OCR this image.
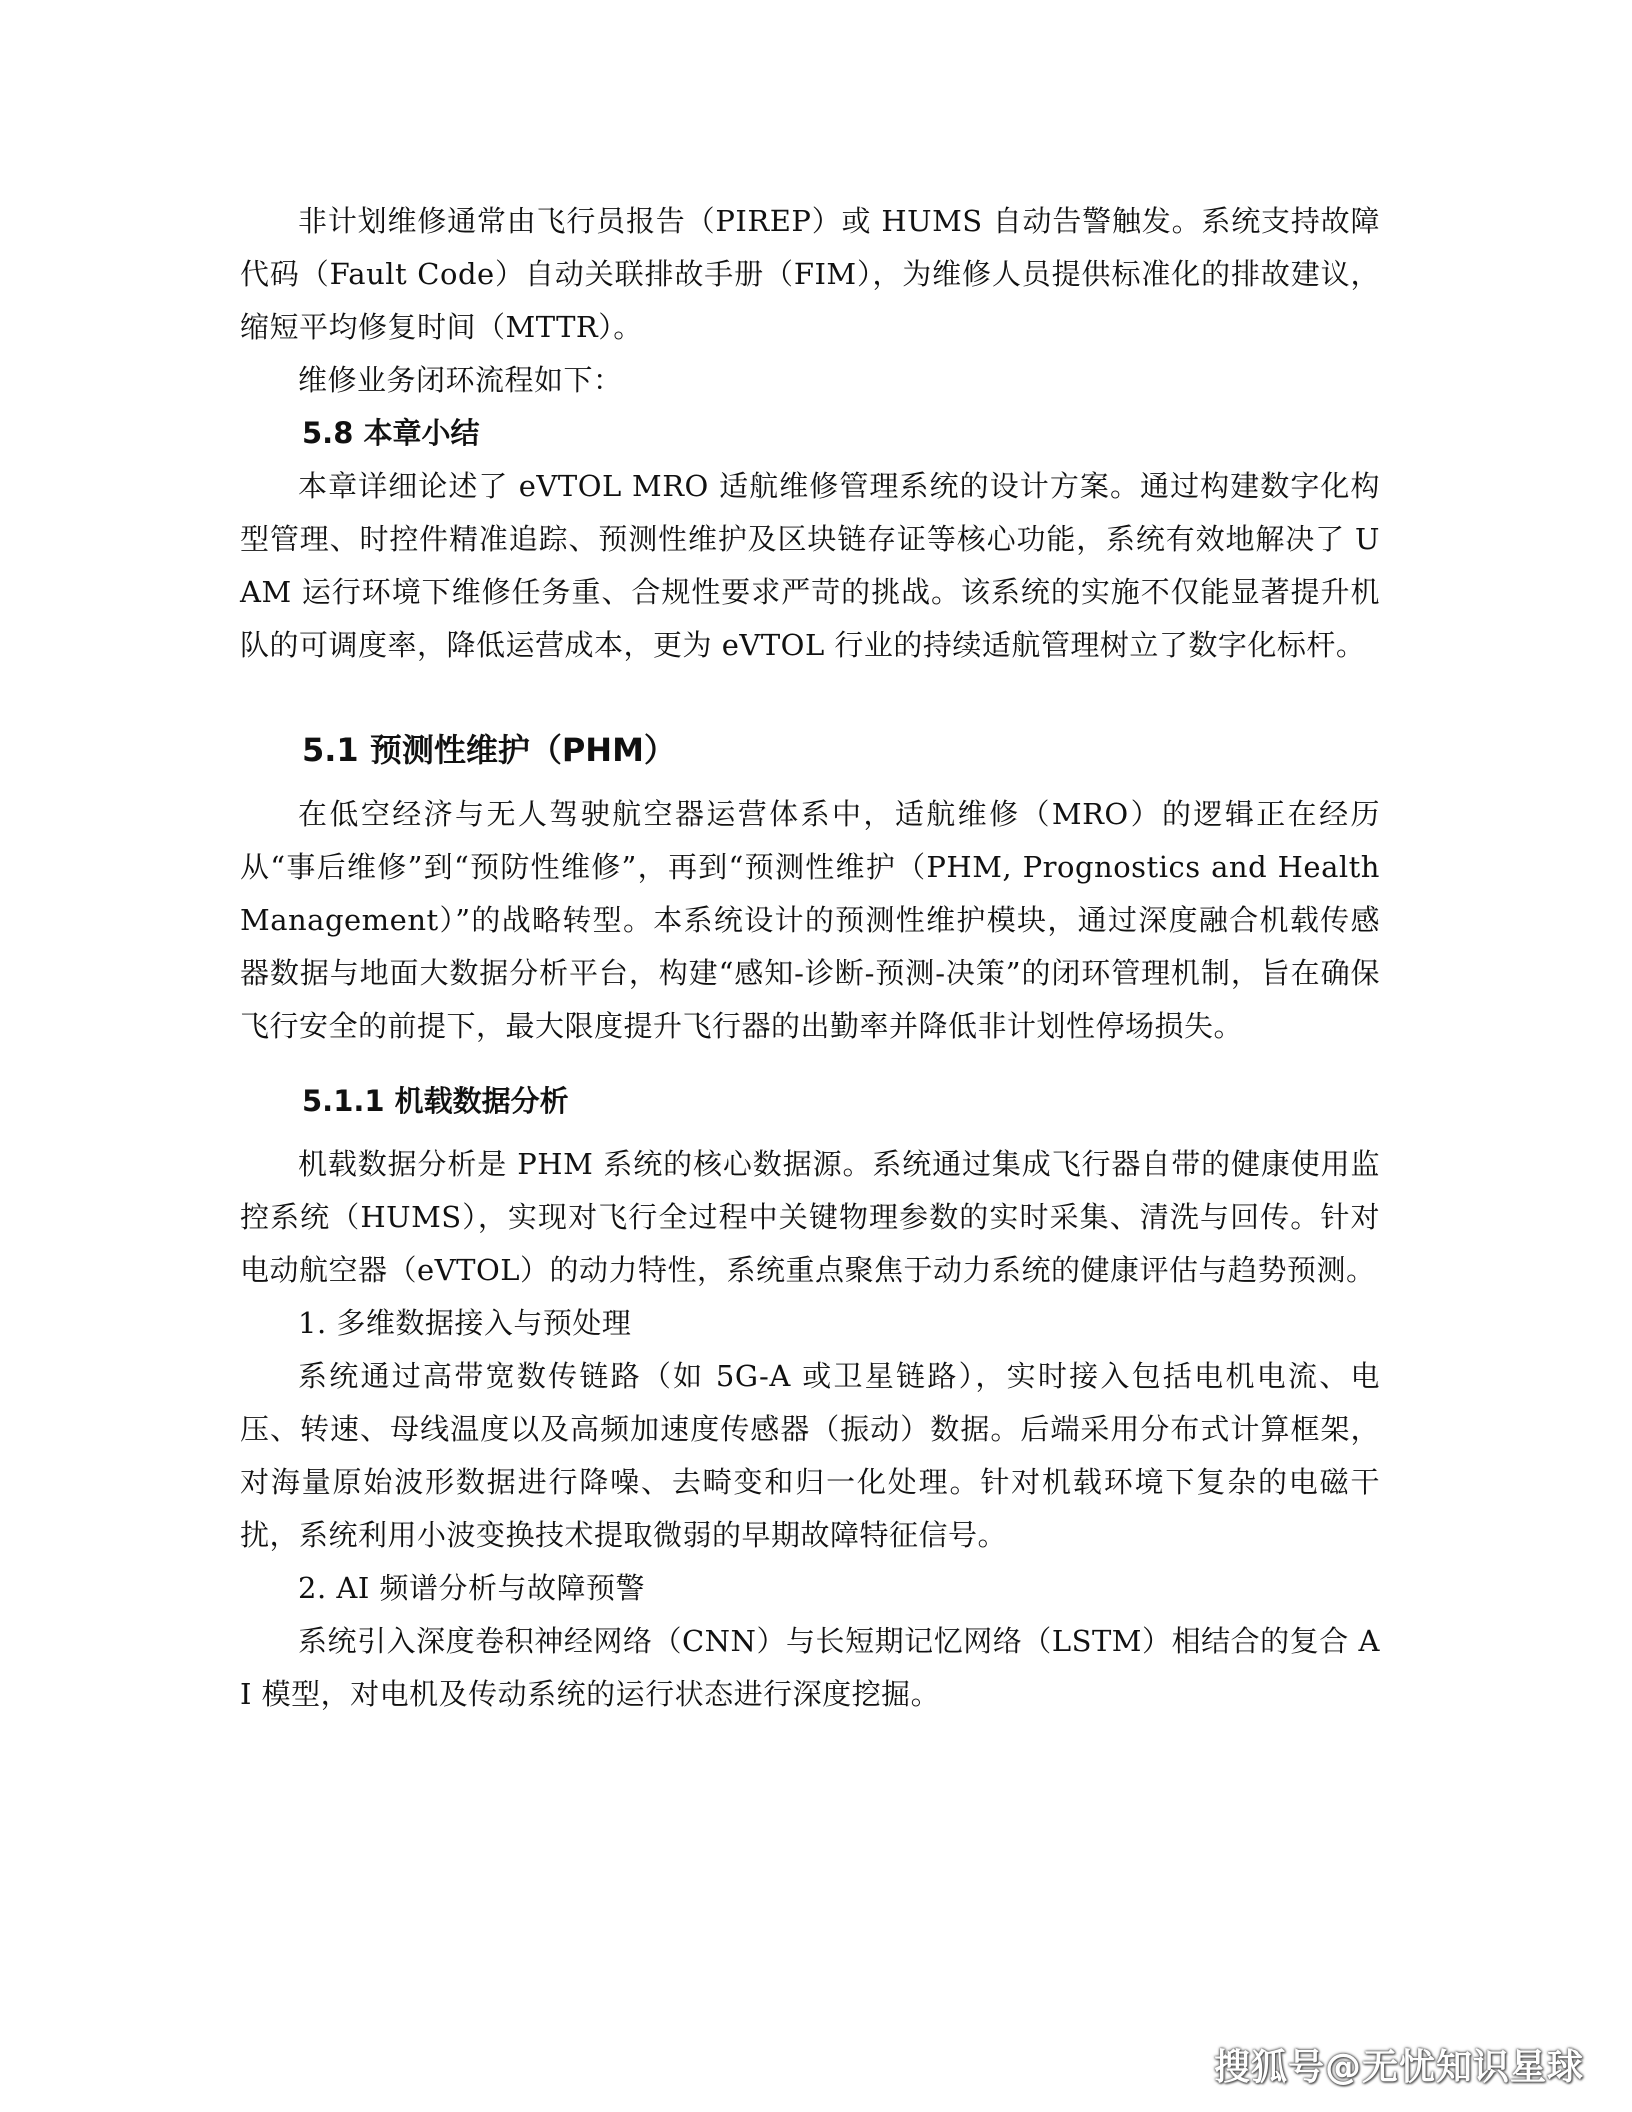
非计划维修通常由飞行员报告（PIREP）或 HUMS 自动告警触发。系统支持故障代码（Fault Code）自动关联排故手册（FIM），为维修人员提供标准化的排故建议，缩短平均修复时间（MTTR）。

维修业务闭环流程如下：

5.8 本章小结

本章详细论述了 eVTOL MRO 适航维修管理系统的设计方案。通过构建数字化构型管理、时控件精准追踪、预测性维护及区块链存证等核心功能，系统有效地解决了 UAM 运行环境下维修任务重、合规性要求严苛的挑战。该系统的实施不仅能显著提升机队的可调度率，降低运营成本，更为 eVTOL 行业的持续适航管理树立了数字化标杆。

5.1 预测性维护（PHM）

在低空经济与无人驾驶航空器运营体系中，适航维修（MRO）的逻辑正在经历从“事后维修”到“预防性维修”，再到“预测性维护（PHM, Prognostics and Health Management）”的战略转型。本系统设计的预测性维护模块，通过深度融合机载传感器数据与地面大数据分析平台，构建“感知-诊断-预测-决策”的闭环管理机制，旨在确保飞行安全的前提下，最大限度提升飞行器的出勤率并降低非计划性停场损失。

5.1.1 机载数据分析

机载数据分析是 PHM 系统的核心数据源。系统通过集成飞行器自带的健康使用监控系统（HUMS），实现对飞行全过程中关键物理参数的实时采集、清洗与回传。针对电动航空器（eVTOL）的动力特性，系统重点聚焦于动力系统的健康评估与趋势预测。

1. 多维数据接入与预处理

系统通过高带宽数传链路（如 5G-A 或卫星链路），实时接入包括电机电流、电压、转速、母线温度以及高频加速度传感器（振动）数据。后端采用分布式计算框架，对海量原始波形数据进行降噪、去畸变和归一化处理。针对机载环境下复杂的电磁干扰，系统利用小波变换技术提取微弱的早期故障特征信号。

2. AI 频谱分析与故障预警

系统引入深度卷积神经网络（CNN）与长短期记忆网络（LSTM）相结合的复合 AI 模型，对电机及传动系统的运行状态进行深度挖掘。

搜狐号@无忧知识星球
